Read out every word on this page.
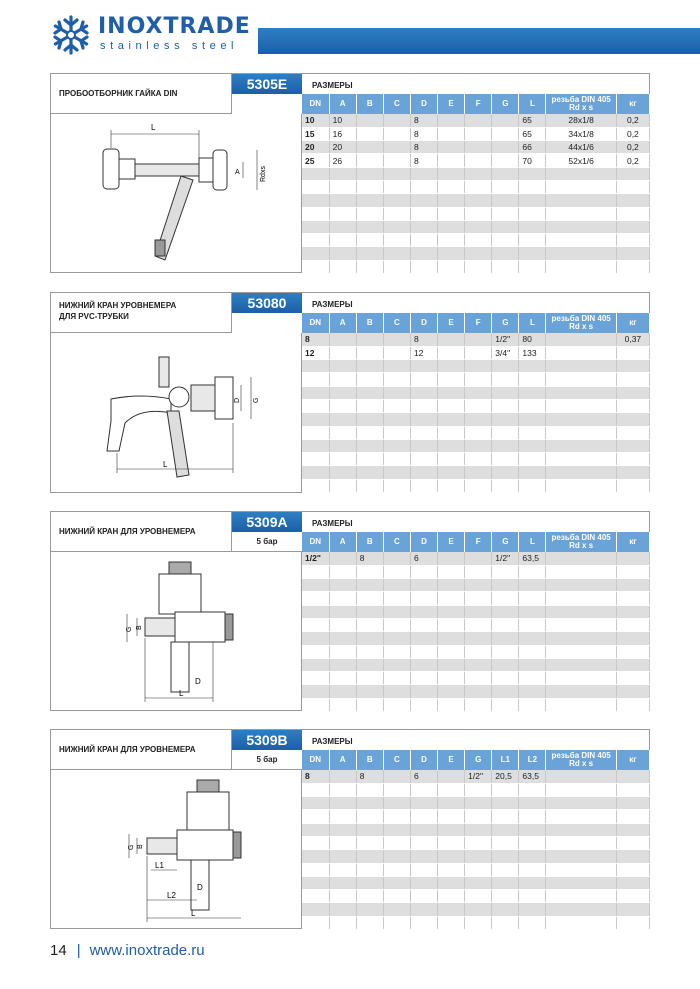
INOXTRADE
stainless steel
ПРОБООТБОРНИК ГАЙКА DIN
5305E
L
A	Rdxs
РАЗМЕРЫ
DN	A	B	C	D	E	F	G	L	резьба DIN 405
Rd x s	кг
10	10			8				65	28x1/8	0,2
15	16			8				65	34x1/8	0,2
20	20			8				66	44x1/6	0,2
25	26			8				70	52x1/6	0,2

НИЖНИЙ КРАН УРОВНЕМЕРА
ДЛЯ PVC-ТРУБКИ
53080
L
D G
РАЗМЕРЫ
DN	A	B	C	D	E	F	G	L	резьба DIN 405
Rd x s	кг
8				8			1/2"	80		0,37
12				12			3/4"	133		

НИЖНИЙ КРАН ДЛЯ УРОВНЕМЕРА
5309A
5 бар
G B
D
L
РАЗМЕРЫ
DN	A	B	C	D	E	F	G	L	резьба DIN 405
Rd x s	кг
1/2"		8		6			1/2"	63,5		

НИЖНИЙ КРАН ДЛЯ УРОВНЕМЕРА
5309B
5 бар
G B
L1
D
L2
L
РАЗМЕРЫ
DN	A	B	C	D	E	G	L1	L2	резьба DIN 405
Rd x s	кг
8		8		6		1/2"	20,5	63,5		

14 | www.inoxtrade.ru
